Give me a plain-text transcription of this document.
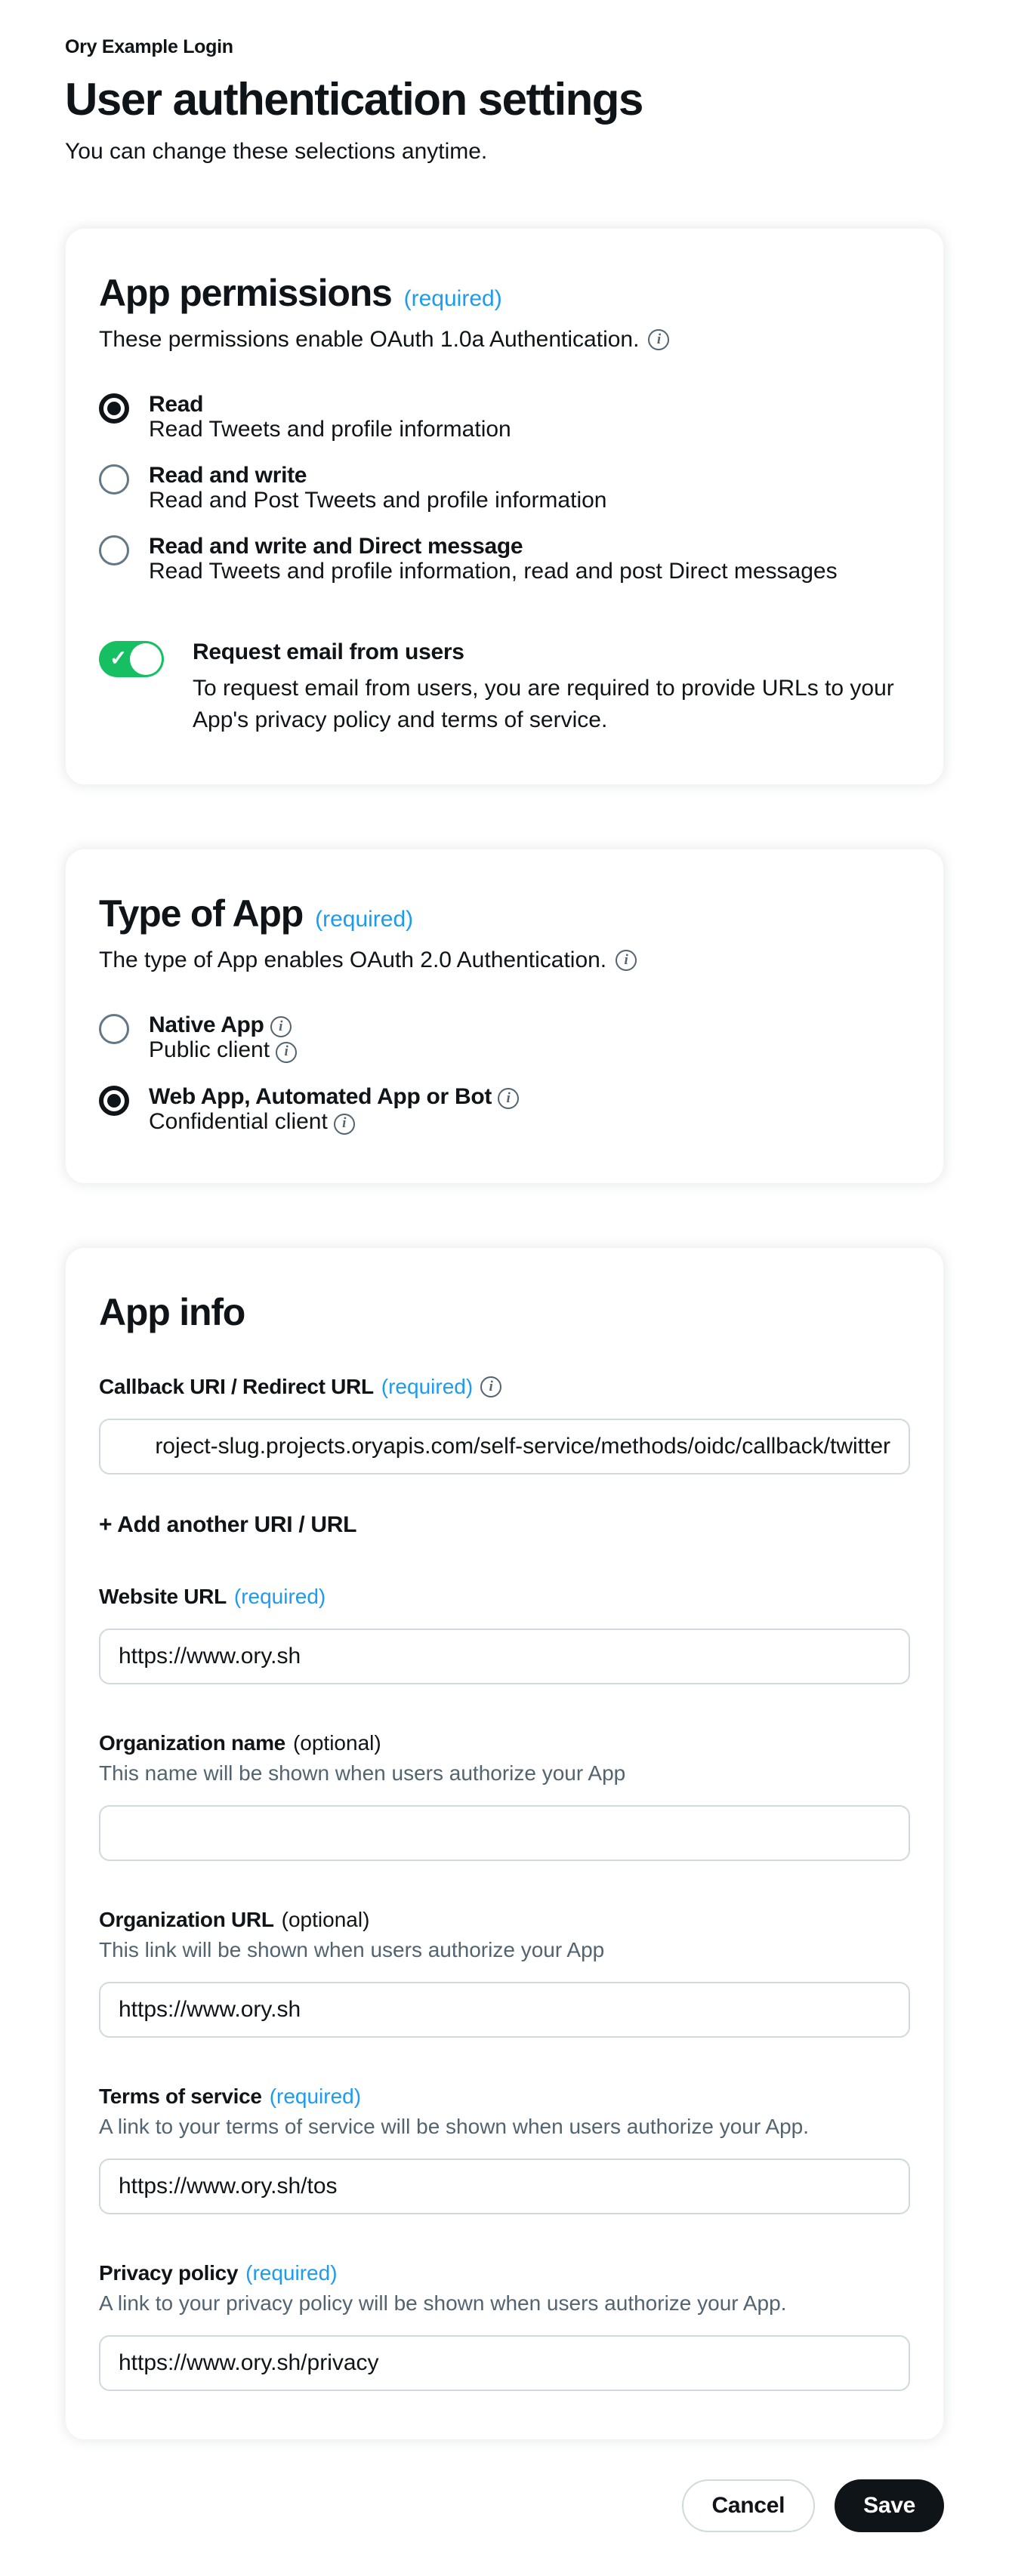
Ory Example Login
User authentication settings
You can change these selections anytime.
App permissions (required)
These permissions enable OAuth 1.0a Authentication.	i
Read
Read Tweets and profile information
Read and write
Read and Post Tweets and profile information
Read and write and Direct message
Read Tweets and profile information, read and post Direct messages
✓	Request email from users
To request email from users, you are required to provide URLs to your App's privacy policy and terms of service.
Type of App (required)
The type of App enables OAuth 2.0 Authentication.	i
Native App i
Public client i
Web App, Automated App or Bot i
Confidential client i
App info
Callback URI / Redirect URL (required)	i
roject-slug.projects.oryapis.com/self-service/methods/oidc/callback/twitter
+ Add another URI / URL
Website URL (required)
https://www.ory.sh
Organization name (optional)
This name will be shown when users authorize your App
Organization URL (optional)
This link will be shown when users authorize your App
https://www.ory.sh
Terms of service (required)
A link to your terms of service will be shown when users authorize your App.
https://www.ory.sh/tos
Privacy policy (required)
A link to your privacy policy will be shown when users authorize your App.
https://www.ory.sh/privacy
Cancel	Save
